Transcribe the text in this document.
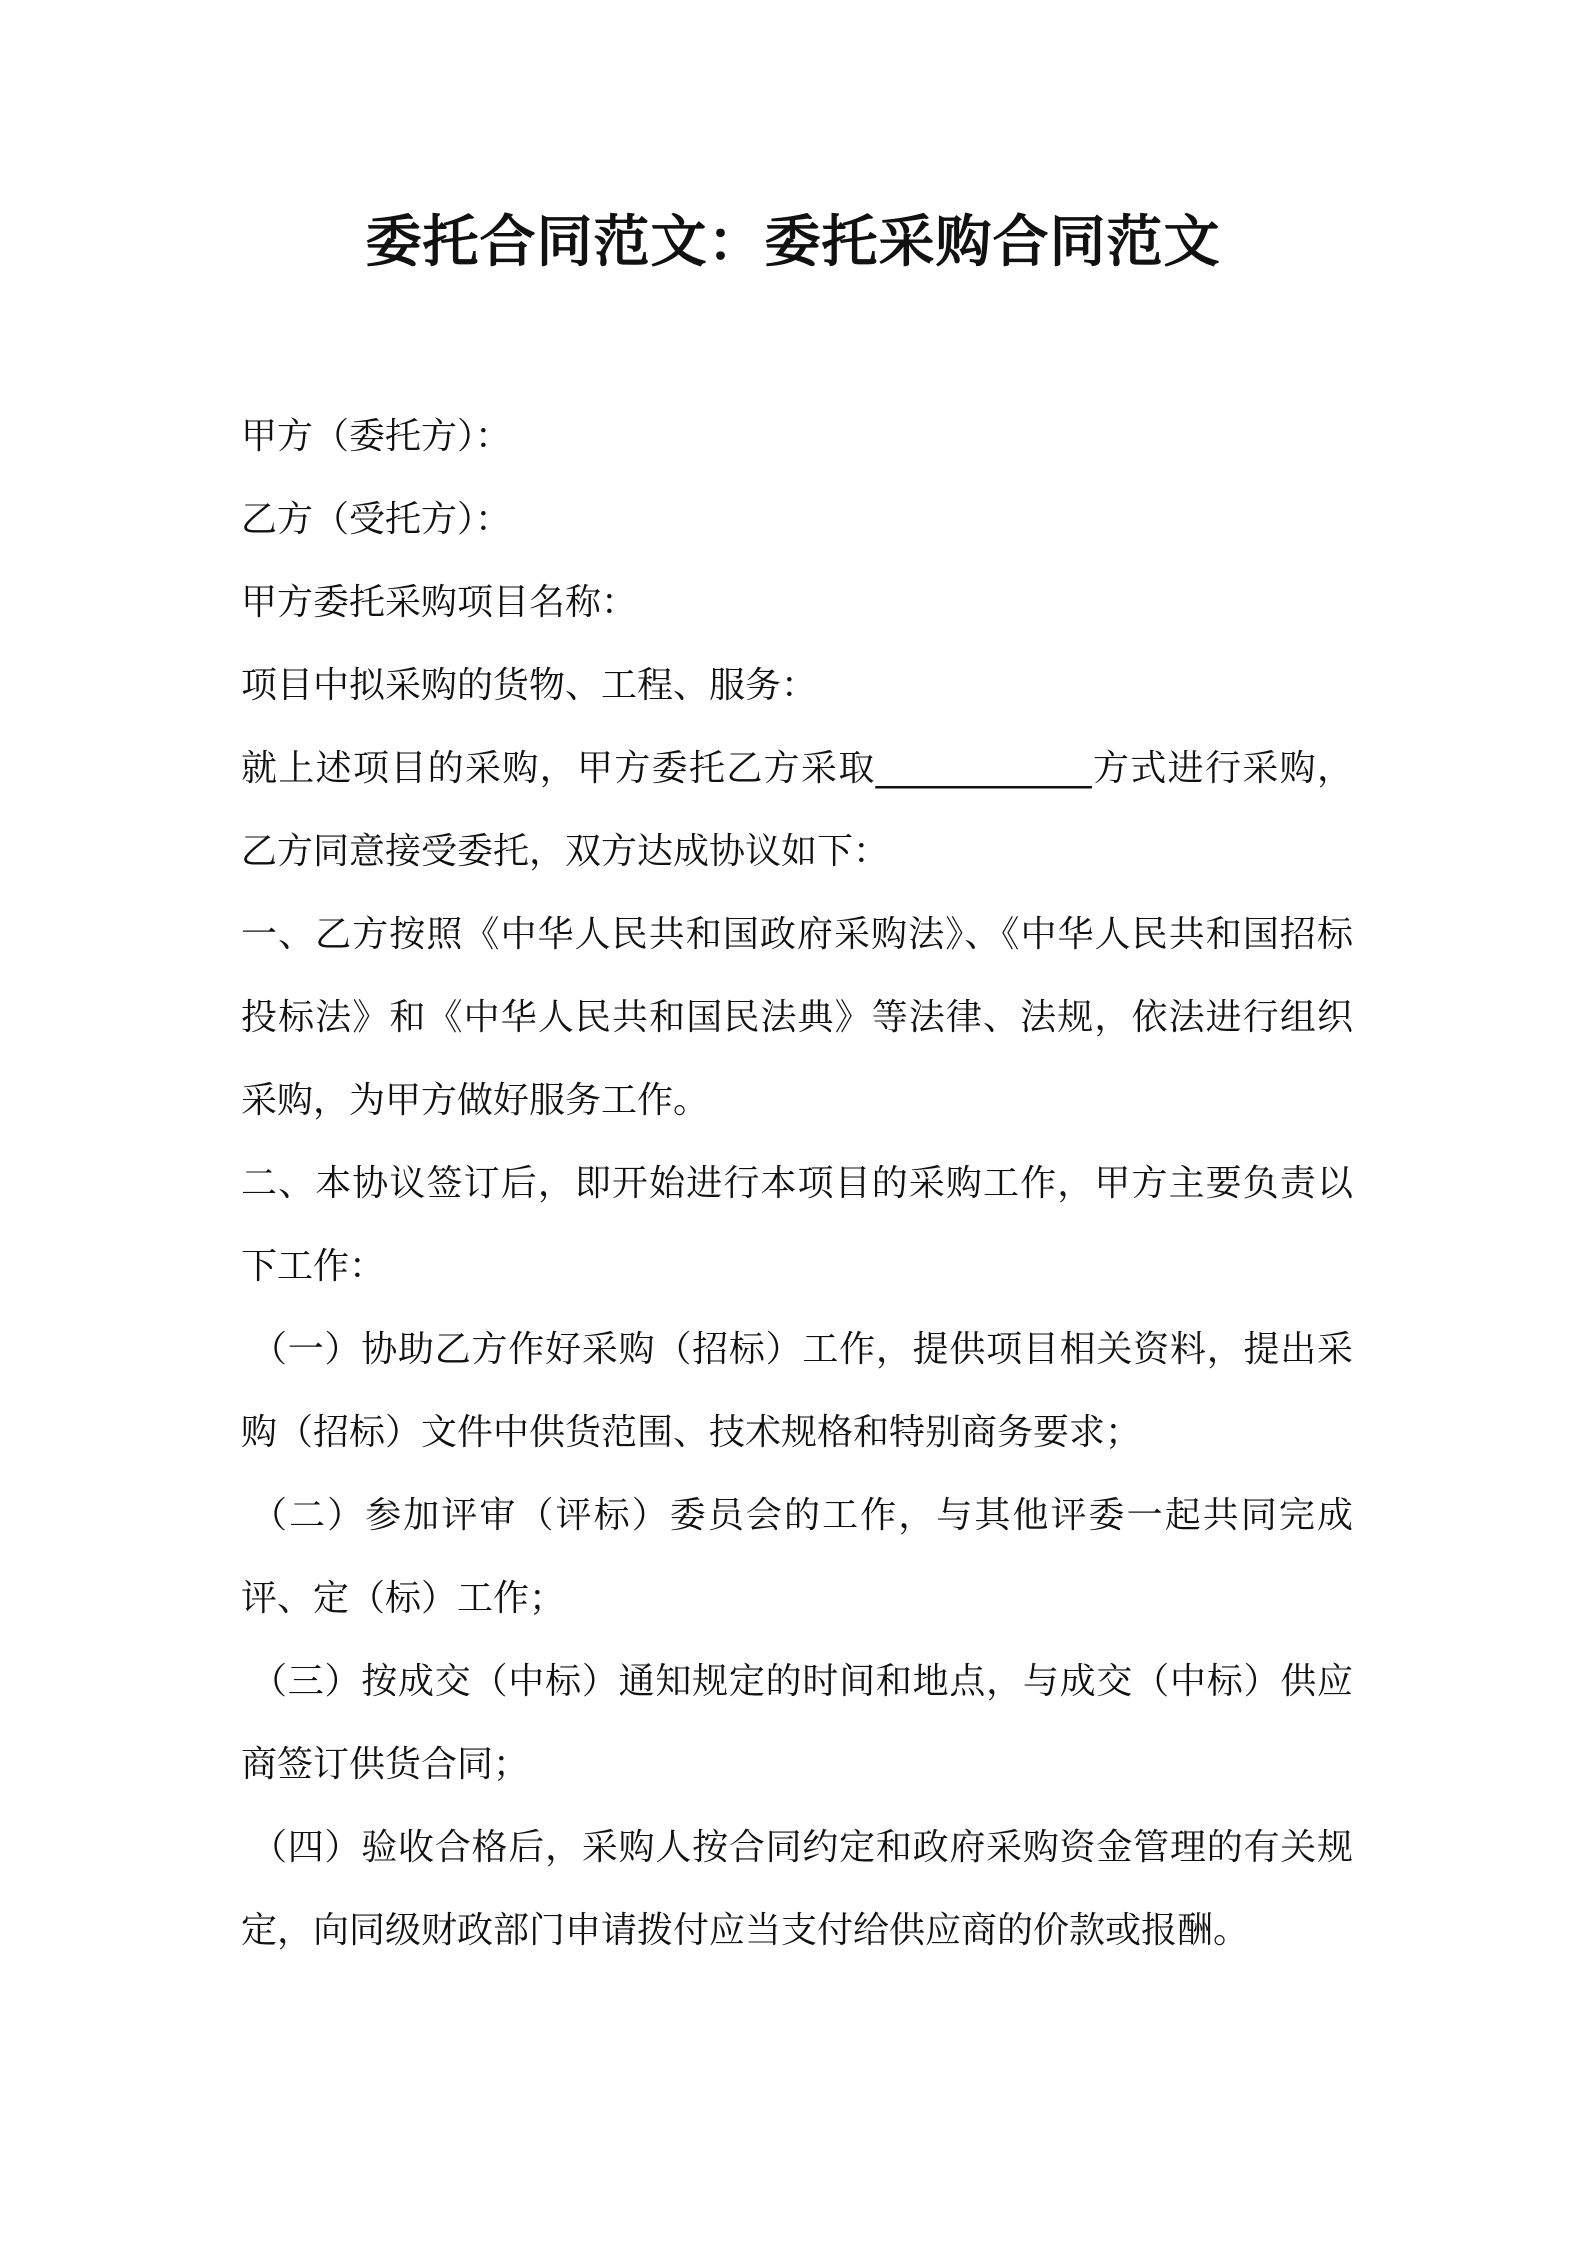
委托合同范文：委托采购合同范文

甲方（委托方）：

乙方（受托方）：

甲方委托采购项目名称：

项目中拟采购的货物、工程、服务：

就上述项目的采购，甲方委托乙方采取____________方式进行采购，乙方同意接受委托，双方达成协议如下：

一、乙方按照《中华人民共和国政府采购法》、《中华人民共和国招标投标法》和《中华人民共和国民法典》等法律、法规，依法进行组织采购，为甲方做好服务工作。

二、本协议签订后，即开始进行本项目的采购工作，甲方主要负责以下工作：

（一）协助乙方作好采购（招标）工作，提供项目相关资料，提出采购（招标）文件中供货范围、技术规格和特别商务要求；

（二）参加评审（评标）委员会的工作，与其他评委一起共同完成评、定（标）工作；

（三）按成交（中标）通知规定的时间和地点，与成交（中标）供应商签订供货合同；

（四）验收合格后，采购人按合同约定和政府采购资金管理的有关规定，向同级财政部门申请拨付应当支付给供应商的价款或报酬。
